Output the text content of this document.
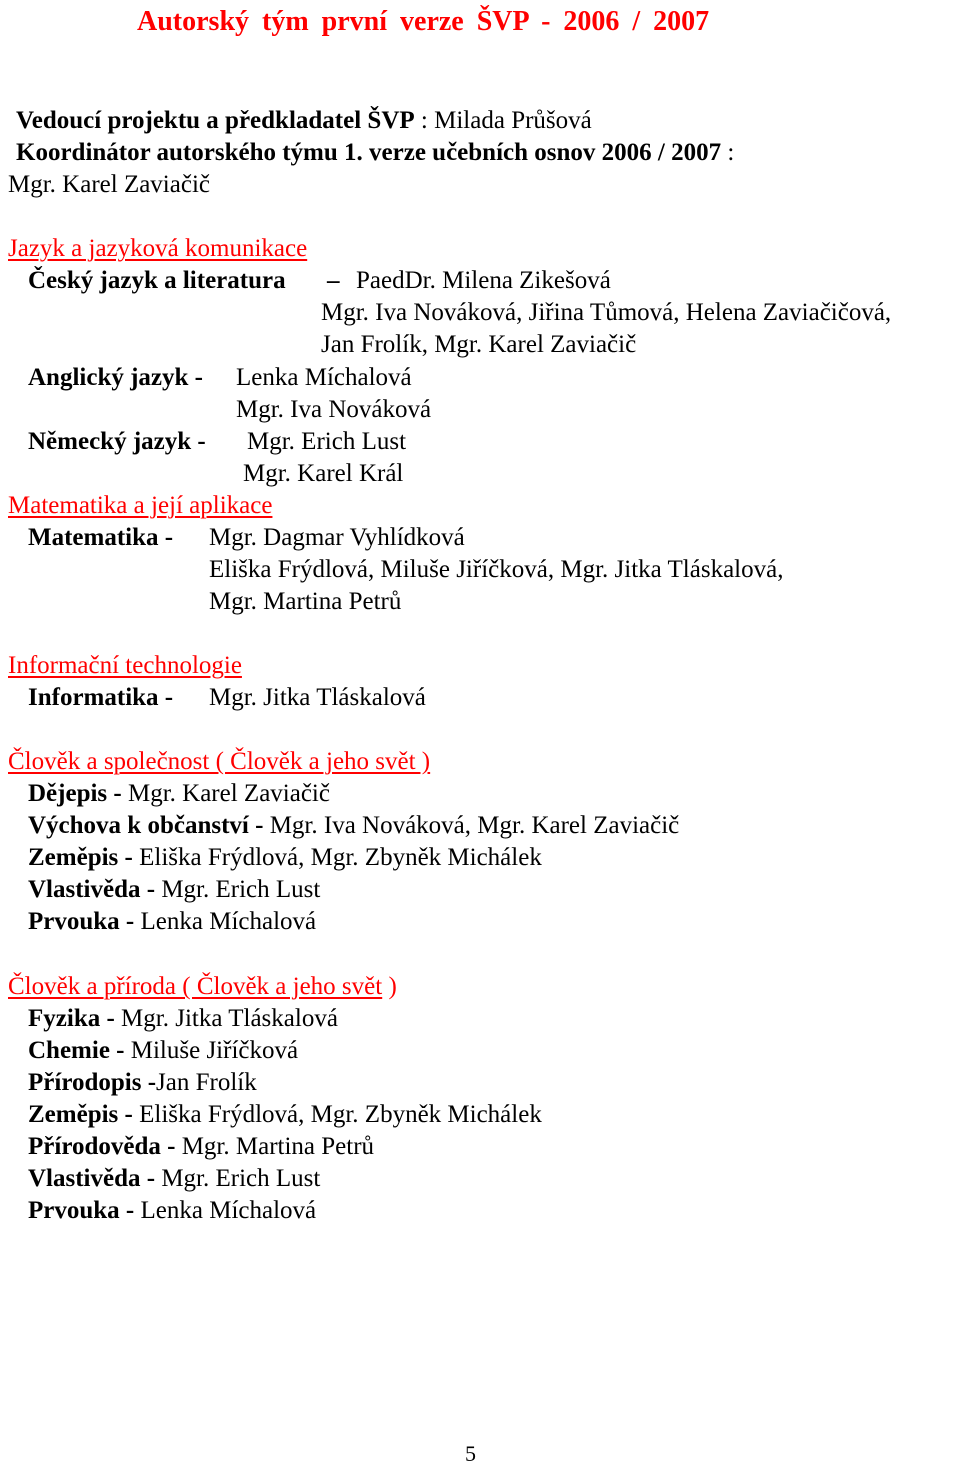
Autorský tým první verze ŠVP - 2006 / 2007
Vedoucí projektu a předkladatel ŠVP : Milada Průšová
Koordinátor autorského týmu 1. verze učebních osnov 2006 / 2007 :
Mgr. Karel Zaviačič
Jazyk a jazyková komunikace
Český jazyk a literatura – PaedDr. Milena Zikešová
Mgr. Iva Nováková, Jiřina Tůmová, Helena Zaviačičová,
Jan Frolík, Mgr. Karel Zaviačič
Anglický jazyk - Lenka Míchalová
Mgr. Iva Nováková
Německý jazyk - Mgr. Erich Lust
Mgr. Karel Král
Matematika a její aplikace
Matematika - Mgr. Dagmar Vyhlídková
Eliška Frýdlová, Miluše Jiříčková, Mgr. Jitka Tláskalová,
Mgr. Martina Petrů
Informační technologie
Informatika - Mgr. Jitka Tláskalová
Člověk a společnost ( Člověk a jeho svět )
Dějepis - Mgr. Karel Zaviačič
Výchova k občanství - Mgr. Iva Nováková, Mgr. Karel Zaviačič
Zeměpis - Eliška Frýdlová, Mgr. Zbyněk Michálek
Vlastivěda - Mgr. Erich Lust
Prvouka - Lenka Míchalová
Člověk a příroda ( Člověk a jeho svět )
Fyzika - Mgr. Jitka Tláskalová
Chemie - Miluše Jiříčková
Přírodopis -Jan Frolík
Zeměpis - Eliška Frýdlová, Mgr. Zbyněk Michálek
Přírodověda - Mgr. Martina Petrů
Vlastivěda - Mgr. Erich Lust
Prvouka - Lenka Míchalová
5
